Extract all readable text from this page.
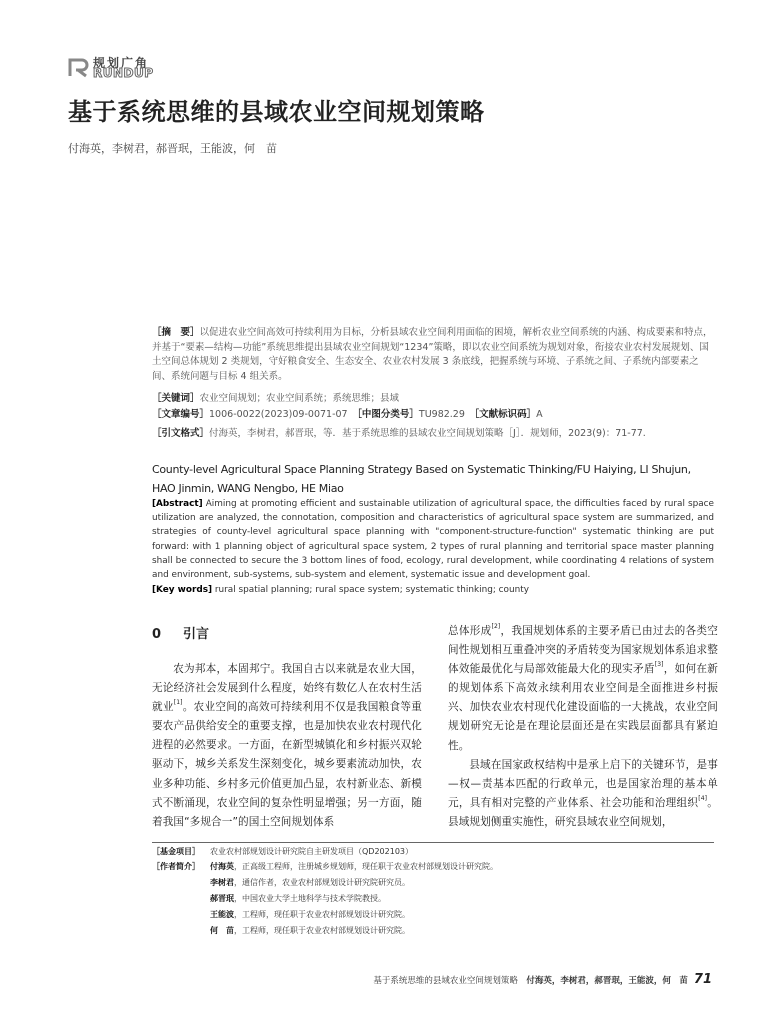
规划广角
RUNDUP
基于系统思维的县域农业空间规划策略
付海英，李树君，郝晋珉，王能波，何　苗
［摘　要］以促进农业空间高效可持续利用为目标，分析县域农业空间利用面临的困境，解析农业空间系统的内涵、构成要素和特点，并基于“要素—结构—功能”系统思维提出县域农业空间规划“1234”策略，即以农业空间系统为规划对象，衔接农业农村发展规划、国土空间总体规划 2 类规划，守好粮食安全、生态安全、农业农村发展 3 条底线，把握系统与环境、子系统之间、子系统内部要素之间、系统问题与目标 4 组关系。
［关键词］农业空间规划；农业空间系统；系统思维；县域
［文章编号］1006-0022(2023)09-0071-07　 ［中图分类号］TU982.29　 ［文献标识码］A
［引文格式］付海英，李树君，郝晋珉，等．基于系统思维的县域农业空间规划策略［J］．规划师，2023(9)：71-77.
County-level Agricultural Space Planning Strategy Based on Systematic Thinking/FU Haiying, LI Shujun, HAO Jinmin, WANG Nengbo, HE Miao
[Abstract] Aiming at promoting efficient and sustainable utilization of agricultural space, the difficulties faced by rural space utilization are analyzed, the connotation, composition and characteristics of agricultural space system are summarized, and strategies of county-level agricultural space planning with "component-structure-function" systematic thinking are put forward: with 1 planning object of agricultural space system, 2 types of rural planning and territorial space master planning shall be connected to secure the 3 bottom lines of food, ecology, rural development, while coordinating 4 relations of system and environment, sub-systems, sub-system and element, systematic issue and development goal.
[Key words] rural spatial planning; rural space system; systematic thinking; county
0 引言

农为邦本，本固邦宁。我国自古以来就是农业大国，无论经济社会发展到什么程度，始终有数亿人在农村生活就业[1]。农业空间的高效可持续利用不仅是我国粮食等重要农产品供给安全的重要支撑，也是加快农业农村现代化进程的必然要求。一方面，在新型城镇化和乡村振兴双轮驱动下，城乡关系发生深刻变化，城乡要素流动加快，农业多种功能、乡村多元价值更加凸显，农村新业态、新模式不断涌现，农业空间的复杂性明显增强；另一方面，随着我国“多规合一”的国土空间规划体系

总体形成[2]，我国规划体系的主要矛盾已由过去的各类空间性规划相互重叠冲突的矛盾转变为国家规划体系追求整体效能最优化与局部效能最大化的现实矛盾[3]，如何在新的规划体系下高效永续利用农业空间是全面推进乡村振兴、加快农业农村现代化建设面临的一大挑战，农业空间规划研究无论是在理论层面还是在实践层面都具有紧迫性。

县域在国家政权结构中是承上启下的关键环节，是事—权—责基本匹配的行政单元，也是国家治理的基本单元，具有相对完整的产业体系、社会功能和治理组织[4]。县域规划侧重实施性，研究县域农业空间规划，

［基金项目］ 农业农村部规划设计研究院自主研发项目（QD202103）
［作者简介］ 付海英，正高级工程师，注册城乡规划师，现任职于农业农村部规划设计研究院。
李树君，通信作者，农业农村部规划设计研究院研究员。
郝晋珉，中国农业大学土地科学与技术学院教授。
王能波，工程师，现任职于农业农村部规划设计研究院。
何　苗，工程师，现任职于农业农村部规划设计研究院。
基于系统思维的县域农业空间规划策略　 付海英，李树君，郝晋珉，王能波，何　苗 71
